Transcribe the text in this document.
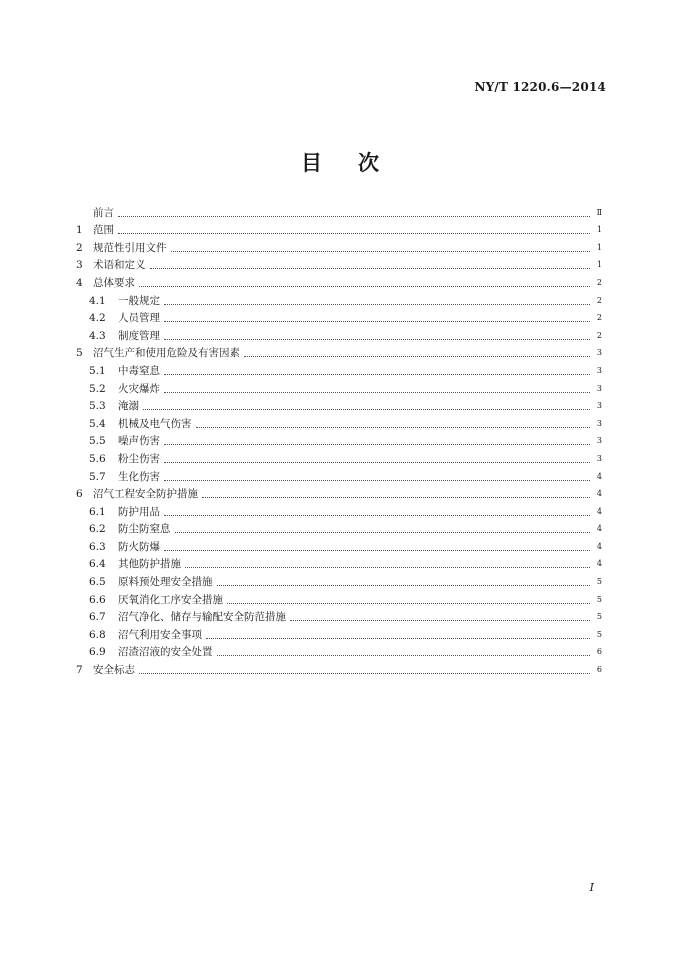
NY/T 1220.6—2014
目 次
前言	Ⅱ
1 范围	1
2 规范性引用文件	1
3 术语和定义	1
4 总体要求	2
4.1	一般规定	2
4.2	人员管理	2
4.3	制度管理	2
5 沼气生产和使用危险及有害因素	3
5.1	中毒窒息	3
5.2	火灾爆炸	3
5.3	淹溺	3
5.4	机械及电气伤害	3
5.5	噪声伤害	3
5.6	粉尘伤害	3
5.7	生化伤害	4
6 沼气工程安全防护措施	4
6.1	防护用品	4
6.2	防尘防窒息	4
6.3	防火防爆	4
6.4	其他防护措施	4
6.5	原料预处理安全措施	5
6.6	厌氧消化工序安全措施	5
6.7	沼气净化、储存与输配安全防范措施	5
6.8	沼气利用安全事项	5
6.9	沼渣沼液的安全处置	6
7 安全标志	6
Ⅰ
